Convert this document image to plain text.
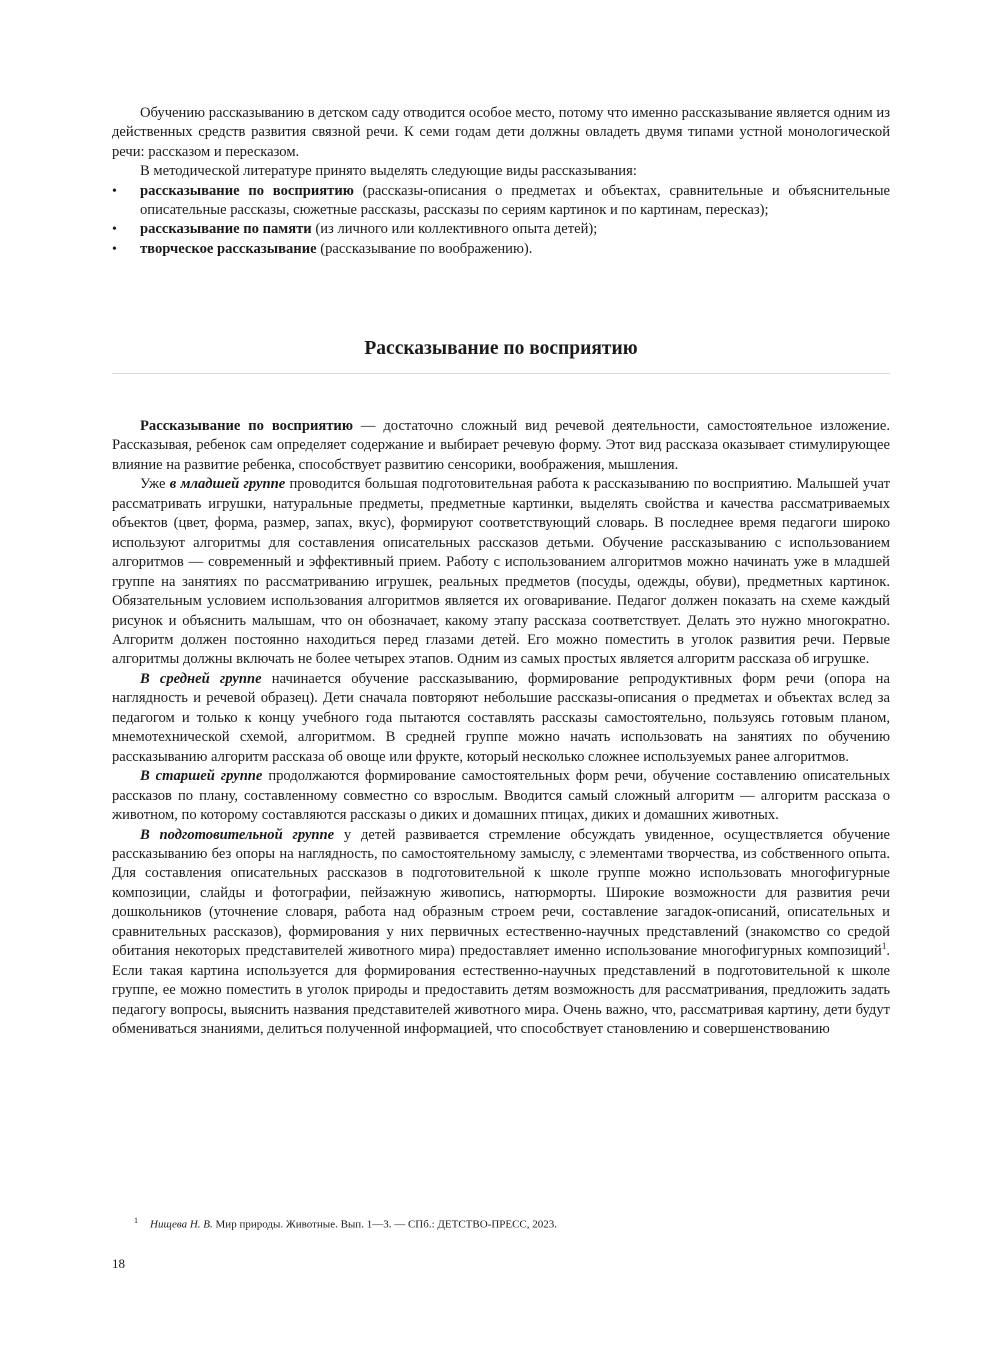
Обучению рассказыванию в детском саду отводится особое место, потому что именно рассказывание является одним из действенных средств развития связной речи. К семи годам дети должны овладеть двумя типами устной монологической речи: рассказом и пересказом.

В методической литературе принято выделять следующие виды рассказывания:

• рассказывание по восприятию (рассказы-описания о предметах и объектах, сравнительные и объяснительные описательные рассказы, сюжетные рассказы, рассказы по сериям картинок и по картинам, пересказ);
• рассказывание по памяти (из личного или коллективного опыта детей);
• творческое рассказывание (рассказывание по воображению).
Рассказывание по восприятию

Рассказывание по восприятию — достаточно сложный вид речевой деятельности, самостоятельное изложение. Рассказывая, ребенок сам определяет содержание и выбирает речевую форму. Этот вид рассказа оказывает стимулирующее влияние на развитие ребенка, способствует развитию сенсорики, воображения, мышления.

Уже в младшей группе проводится большая подготовительная работа к рассказыванию по восприятию. Малышей учат рассматривать игрушки, натуральные предметы, предметные картинки, выделять свойства и качества рассматриваемых объектов (цвет, форма, размер, запах, вкус), формируют соответствующий словарь. В последнее время педагоги широко используют алгоритмы для составления описательных рассказов детьми. Обучение рассказыванию с использованием алгоритмов — современный и эффективный прием. Работу с использованием алгоритмов можно начинать уже в младшей группе на занятиях по рассматриванию игрушек, реальных предметов (посуды, одежды, обуви), предметных картинок. Обязательным условием использования алгоритмов является их оговаривание. Педагог должен показать на схеме каждый рисунок и объяснить малышам, что он обозначает, какому этапу рассказа соответствует. Делать это нужно многократно. Алгоритм должен постоянно находиться перед глазами детей. Его можно поместить в уголок развития речи. Первые алгоритмы должны включать не более четырех этапов. Одним из самых простых является алгоритм рассказа об игрушке.

В средней группе начинается обучение рассказыванию, формирование репродуктивных форм речи (опора на наглядность и речевой образец). Дети сначала повторяют небольшие рассказы-описания о предметах и объектах вслед за педагогом и только к концу учебного года пытаются составлять рассказы самостоятельно, пользуясь готовым планом, мнемотехнической схемой, алгоритмом. В средней группе можно начать использовать на занятиях по обучению рассказыванию алгоритм рассказа об овоще или фрукте, который несколько сложнее используемых ранее алгоритмов.

В старшей группе продолжаются формирование самостоятельных форм речи, обучение составлению описательных рассказов по плану, составленному совместно со взрослым. Вводится самый сложный алгоритм — алгоритм рассказа о животном, по которому составляются рассказы о диких и домашних птицах, диких и домашних животных.

В подготовительной группе у детей развивается стремление обсуждать увиденное, осуществляется обучение рассказыванию без опоры на наглядность, по самостоятельному замыслу, с элементами творчества, из собственного опыта. Для составления описательных рассказов в подготовительной к школе группе можно использовать многофигурные композиции, слайды и фотографии, пейзажную живопись, натюрморты. Широкие возможности для развития речи дошкольников (уточнение словаря, работа над образным строем речи, составление загадок-описаний, описательных и сравнительных рассказов), формирования у них первичных естественно-научных представлений (знакомство со средой обитания некоторых представителей животного мира) предоставляет именно использование многофигурных композиций$^1$. Если такая картина используется для формирования естественно-научных представлений в подготовительной к школе группе, ее можно поместить в уголок природы и предоставить детям возможность для рассматривания, предложить задать педагогу вопросы, выяснить названия представителей животного мира. Очень важно, что, рассматривая картину, дети будут обмениваться знаниями, делиться полученной информацией, что способствует становлению и совершенствованию

$^1$ Нищева Н. В. Мир природы. Животные. Вып. 1—3. — СПб.: ДЕТСТВО-ПРЕСС, 2023.
18
